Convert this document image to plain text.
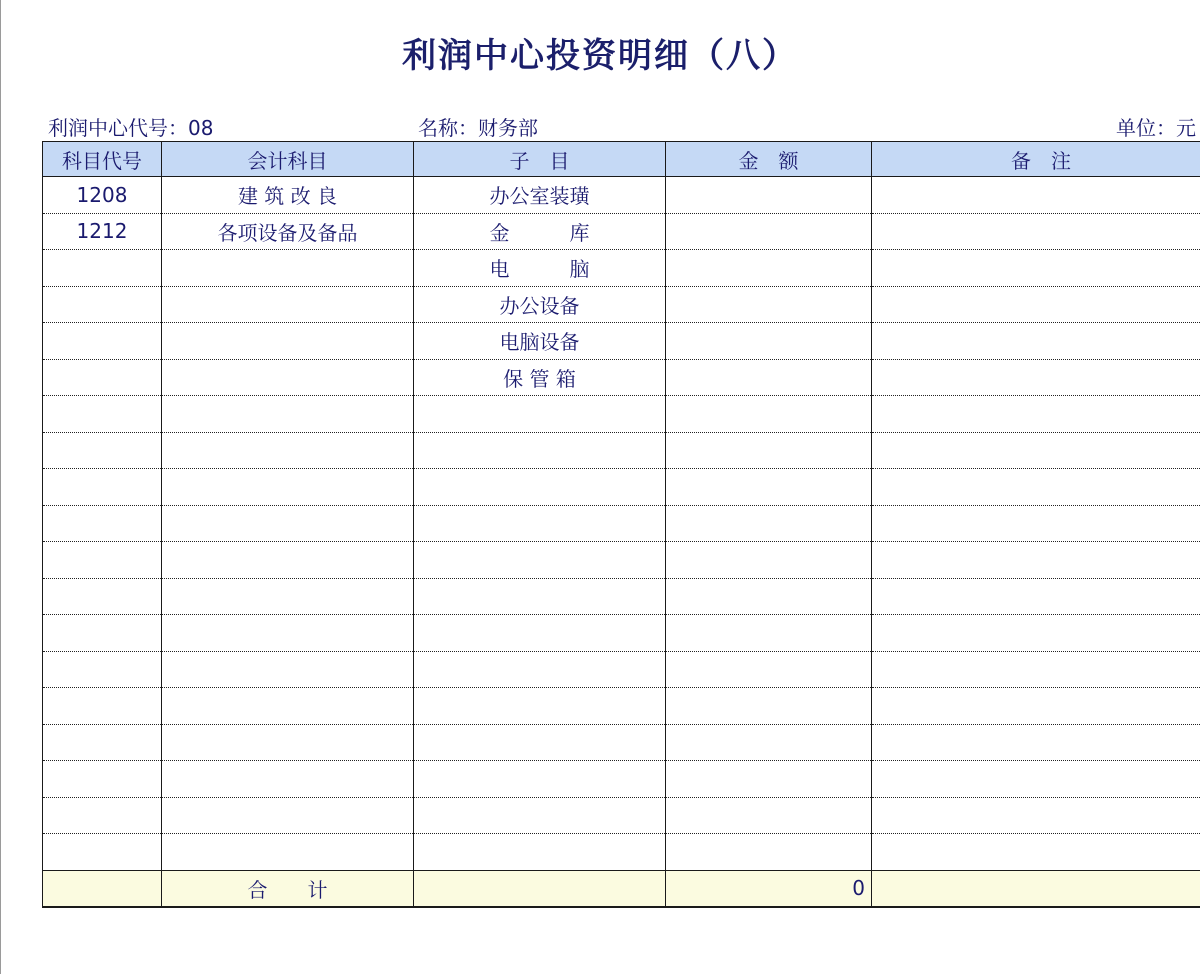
利润中心投资明细（八）
利润中心代号：08	名称：财务部	单位：元
科目代号	会计科目	子　目	金　额	备　注
1208	建 筑 改 良	办公室装璜		
1212	各项设备及备品	金　　　库		
		电　　　脑		
		办公设备		
		电脑设备		
		保 管 箱		

	合　　计		0	
